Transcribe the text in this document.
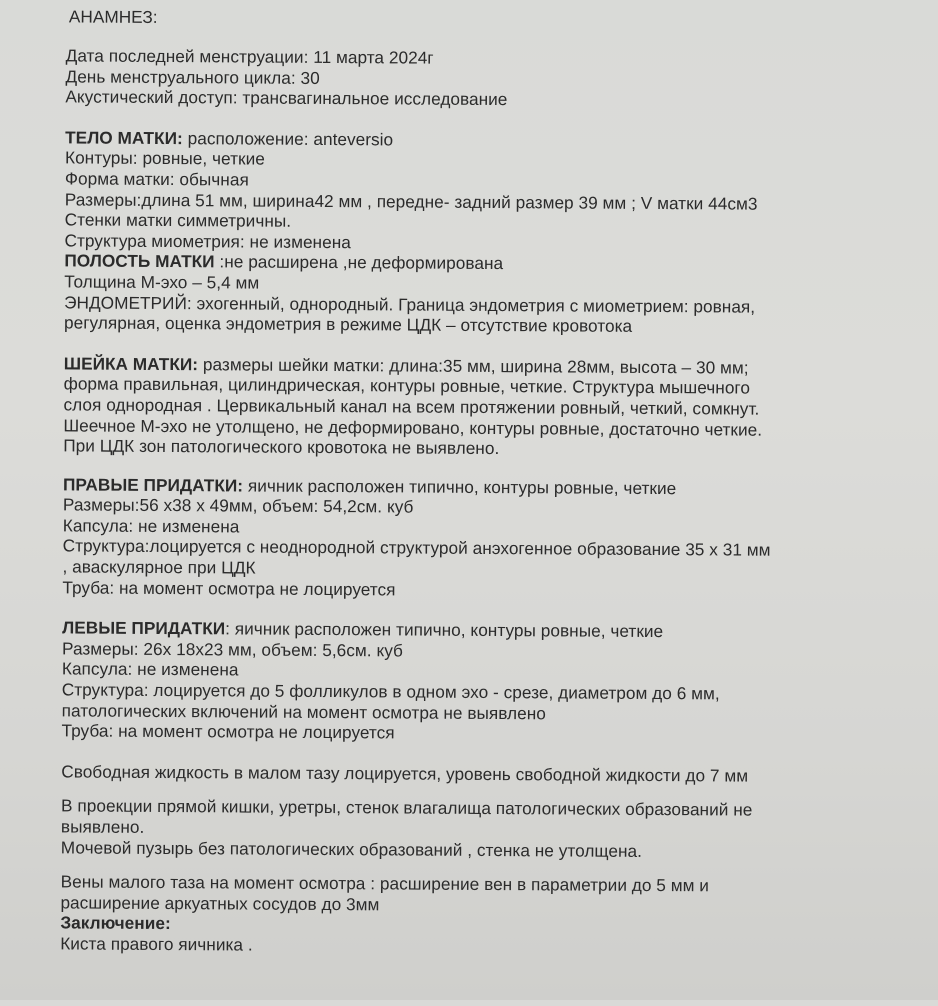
АНАМНЕЗ:
Дата последней менструации: 11 марта 2024г
День менструального цикла: 30
Акустический доступ: трансвагинальное исследование
ТЕЛО МАТКИ: расположение: anteversio
Контуры: ровные, четкие
Форма матки: обычная
Размеры:длина 51 мм, ширина42 мм , передне- задний размер 39 мм ; V матки 44см3
Стенки матки симметричны.
Структура миометрия: не изменена
ПОЛОСТЬ МАТКИ :не расширена ,не деформирована
Толщина М-эхо – 5,4 мм
ЭНДОМЕТРИЙ: эхогенный, однородный. Граница эндометрия с миометрием: ровная,
регулярная, оценка эндометрия в режиме ЦДК – отсутствие кровотока
ШЕЙКА МАТКИ: размеры шейки матки: длина:35 мм, ширина 28мм, высота – 30 мм;
форма правильная, цилиндрическая, контуры ровные, четкие. Структура мышечного
слоя однородная . Цервикальный канал на всем протяжении ровный, четкий, сомкнут.
Шеечное М-эхо не утолщено, не деформировано, контуры ровные, достаточно четкие.
При ЦДК зон патологического кровотока не выявлено.
ПРАВЫЕ ПРИДАТКИ: яичник расположен типично, контуры ровные, четкие
Размеры:56 x38 x 49мм, объем: 54,2см. куб
Капсула: не изменена
Структура:лоцируется с неоднородной структурой анэхогенное образование 35 х 31 мм
, аваскулярное при ЦДК
Труба: на момент осмотра не лоцируется
ЛЕВЫЕ ПРИДАТКИ: яичник расположен типично, контуры ровные, четкие
Размеры: 26х 18х23 мм, объем: 5,6см. куб
Капсула: не изменена
Структура: лоцируется до 5 фолликулов в одном эхо - срезе, диаметром до 6 мм,
патологических включений на момент осмотра не выявлено
Труба: на момент осмотра не лоцируется
Свободная жидкость в малом тазу лоцируется, уровень свободной жидкости до 7 мм
В проекции прямой кишки, уретры, стенок влагалища патологических образований не
выявлено.
Мочевой пузырь без патологических образований , стенка не утолщена.
Вены малого таза на момент осмотра : расширение вен в параметрии до 5 мм и
расширение аркуатных сосудов до 3мм
Заключение:
Киста правого яичника .
